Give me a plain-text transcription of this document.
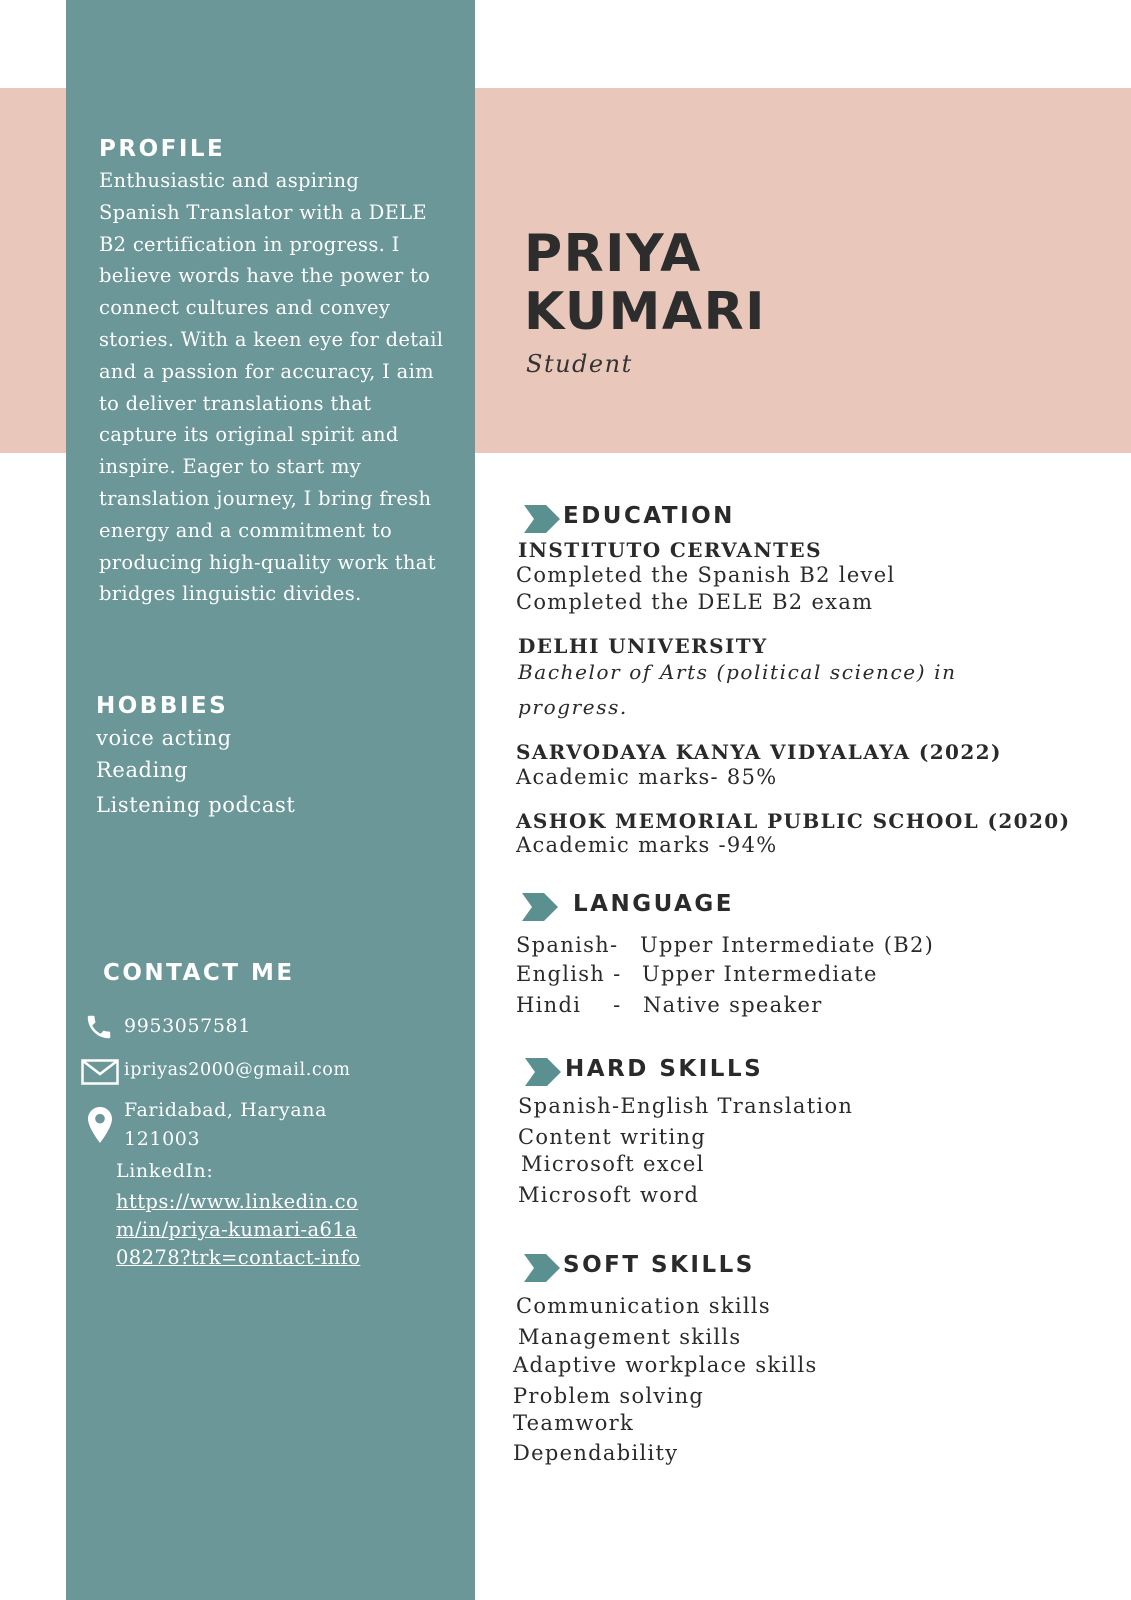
PROFILE

Enthusiastic and aspiring Spanish Translator with a DELE B2 certification in progress. I believe words have the power to connect cultures and convey stories. With a keen eye for detail and a passion for accuracy, I aim to deliver translations that capture its original spirit and inspire. Eager to start my translation journey, I bring fresh energy and a commitment to producing high-quality work that bridges linguistic divides.

HOBBIES
voice acting
Reading
Listening podcast
CONTACT ME
9953057581
ipriyas2000@gmail.com
Faridabad, Haryana
121003
LinkedIn:
https://www.linkedin.com/in/priya-kumari-a61a08278?trk=contact-info
PRIYA
KUMARI
Student
EDUCATION
INSTITUTO CERVANTES
Completed the Spanish B2 level
Completed the DELE B2 exam
DELHI UNIVERSITY
Bachelor of Arts (political science) in
progress.
SARVODAYA KANYA VIDYALAYA (2022)
Academic marks- 85%
ASHOK MEMORIAL PUBLIC SCHOOL (2020)
Academic marks -94%
LANGUAGE
Spanish- Upper Intermediate (B2)
English - Upper Intermediate
Hindi    - Native speaker
HARD SKILLS
Spanish-English Translation
Content writing
Microsoft excel
Microsoft word
SOFT SKILLS
Communication skills
Management skills
Adaptive workplace skills
Problem solving
Teamwork
Dependability
